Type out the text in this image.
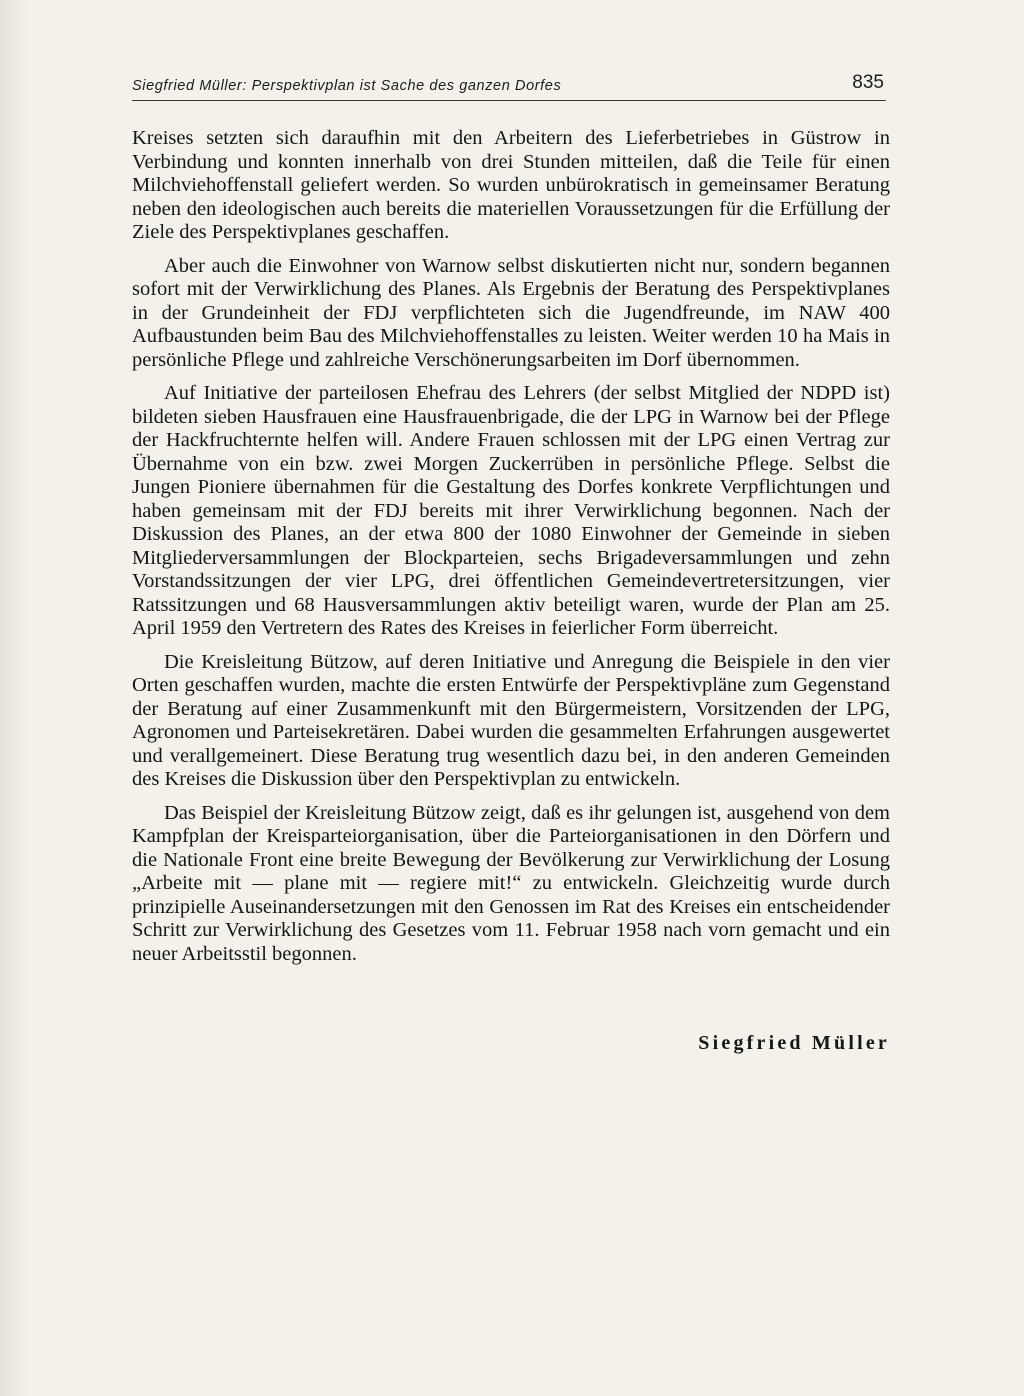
Siegfried Müller: Perspektivplan ist Sache des ganzen Dorfes	835

Kreises setzten sich daraufhin mit den Arbeitern des Lieferbetriebes in Güstrow in Verbindung und konnten innerhalb von drei Stunden mitteilen, daß die Teile für einen Milchviehoffenstall geliefert werden. So wurden unbürokratisch in gemeinsamer Beratung neben den ideologischen auch bereits die materiellen Voraussetzungen für die Erfüllung der Ziele des Perspektivplanes geschaffen.

Aber auch die Einwohner von Warnow selbst diskutierten nicht nur, sondern begannen sofort mit der Verwirklichung des Planes. Als Ergebnis der Beratung des Perspektivplanes in der Grundeinheit der FDJ verpflichteten sich die Jugendfreunde, im NAW 400 Aufbaustunden beim Bau des Milchviehoffenstalles zu leisten. Weiter werden 10 ha Mais in persönliche Pflege und zahlreiche Verschönerungsarbeiten im Dorf übernommen.

Auf Initiative der parteilosen Ehefrau des Lehrers (der selbst Mitglied der NDPD ist) bildeten sieben Hausfrauen eine Hausfrauenbrigade, die der LPG in Warnow bei der Pflege der Hackfruchternte helfen will. Andere Frauen schlossen mit der LPG einen Vertrag zur Übernahme von ein bzw. zwei Morgen Zuckerrüben in persönliche Pflege. Selbst die Jungen Pioniere übernahmen für die Gestaltung des Dorfes konkrete Verpflichtungen und haben gemeinsam mit der FDJ bereits mit ihrer Verwirklichung begonnen. Nach der Diskussion des Planes, an der etwa 800 der 1080 Einwohner der Gemeinde in sieben Mitgliederversammlungen der Blockparteien, sechs Brigadeversammlungen und zehn Vorstandssitzungen der vier LPG, drei öffentlichen Gemeindevertretersitzungen, vier Ratssitzungen und 68 Hausversammlungen aktiv beteiligt waren, wurde der Plan am 25. April 1959 den Vertretern des Rates des Kreises in feierlicher Form überreicht.

Die Kreisleitung Bützow, auf deren Initiative und Anregung die Beispiele in den vier Orten geschaffen wurden, machte die ersten Entwürfe der Perspektivpläne zum Gegenstand der Beratung auf einer Zusammenkunft mit den Bürgermeistern, Vorsitzenden der LPG, Agronomen und Parteisekretären. Dabei wurden die gesammelten Erfahrungen ausgewertet und verallgemeinert. Diese Beratung trug wesentlich dazu bei, in den anderen Gemeinden des Kreises die Diskussion über den Perspektivplan zu entwickeln.

Das Beispiel der Kreisleitung Bützow zeigt, daß es ihr gelungen ist, ausgehend von dem Kampfplan der Kreisparteiorganisation, über die Parteiorganisationen in den Dörfern und die Nationale Front eine breite Bewegung der Bevölkerung zur Verwirklichung der Losung „Arbeite mit — plane mit — regiere mit!“ zu entwickeln. Gleichzeitig wurde durch prinzipielle Auseinandersetzungen mit den Genossen im Rat des Kreises ein entscheidender Schritt zur Verwirklichung des Gesetzes vom 11. Februar 1958 nach vorn gemacht und ein neuer Arbeitsstil begonnen.

Siegfried Müller
